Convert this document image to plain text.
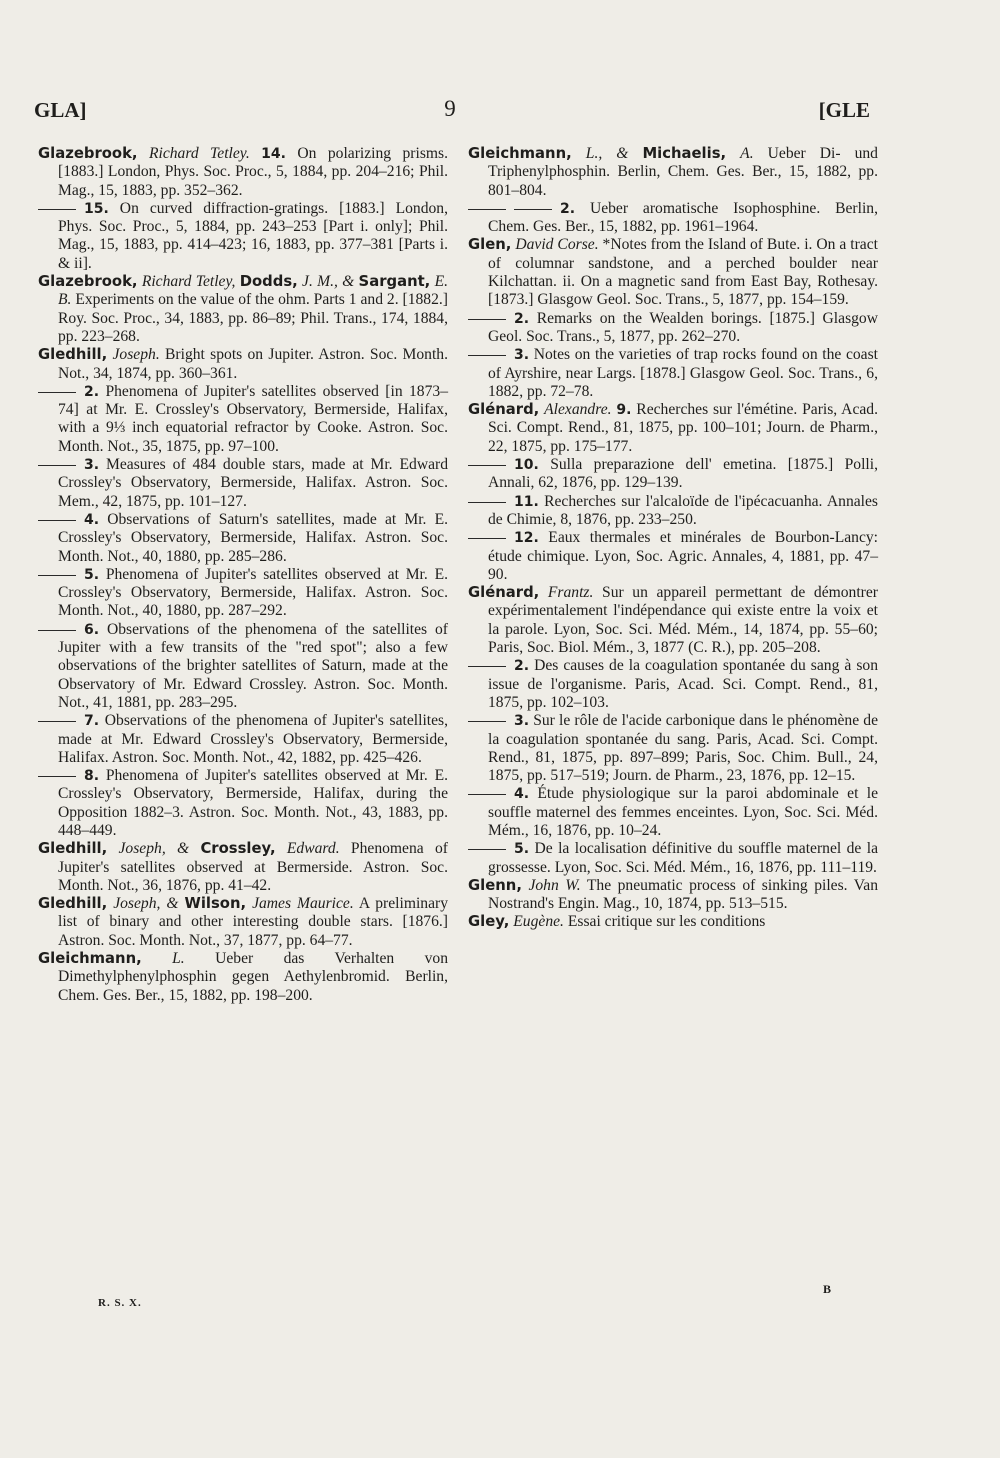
GLA]	9	[GLE
Glazebrook, Richard Tetley. 14. On polarizing prisms. [1883.] London, Phys. Soc. Proc., 5, 1884, pp. 204–216; Phil. Mag., 15, 1883, pp. 352–362.
15. On curved diffraction-gratings. [1883.] London, Phys. Soc. Proc., 5, 1884, pp. 243–253 [Part i. only]; Phil. Mag., 15, 1883, pp. 414–423; 16, 1883, pp. 377–381 [Parts i. & ii].
Glazebrook, Richard Tetley, Dodds, J. M., & Sargant, E. B. Experiments on the value of the ohm. Parts 1 and 2. [1882.] Roy. Soc. Proc., 34, 1883, pp. 86–89; Phil. Trans., 174, 1884, pp. 223–268.
Gledhill, Joseph. Bright spots on Jupiter. Astron. Soc. Month. Not., 34, 1874, pp. 360–361.
2. Phenomena of Jupiter's satellites observed [in 1873–74] at Mr. E. Crossley's Observatory, Bermerside, Halifax, with a 9⅓ inch equatorial refractor by Cooke. Astron. Soc. Month. Not., 35, 1875, pp. 97–100.
3. Measures of 484 double stars, made at Mr. Edward Crossley's Observatory, Bermerside, Halifax. Astron. Soc. Mem., 42, 1875, pp. 101–127.
4. Observations of Saturn's satellites, made at Mr. E. Crossley's Observatory, Bermerside, Halifax. Astron. Soc. Month. Not., 40, 1880, pp. 285–286.
5. Phenomena of Jupiter's satellites observed at Mr. E. Crossley's Observatory, Bermerside, Halifax. Astron. Soc. Month. Not., 40, 1880, pp. 287–292.
6. Observations of the phenomena of the satellites of Jupiter with a few transits of the "red spot"; also a few observations of the brighter satellites of Saturn, made at the Observatory of Mr. Edward Crossley. Astron. Soc. Month. Not., 41, 1881, pp. 283–295.
7. Observations of the phenomena of Jupiter's satellites, made at Mr. Edward Crossley's Observatory, Bermerside, Halifax. Astron. Soc. Month. Not., 42, 1882, pp. 425–426.
8. Phenomena of Jupiter's satellites observed at Mr. E. Crossley's Observatory, Bermerside, Halifax, during the Opposition 1882–3. Astron. Soc. Month. Not., 43, 1883, pp. 448–449.
Gledhill, Joseph, & Crossley, Edward. Phenomena of Jupiter's satellites observed at Bermerside. Astron. Soc. Month. Not., 36, 1876, pp. 41–42.
Gledhill, Joseph, & Wilson, James Maurice. A preliminary list of binary and other interesting double stars. [1876.] Astron. Soc. Month. Not., 37, 1877, pp. 64–77.
Gleichmann, L. Ueber das Verhalten von Dimethylphenylphosphin gegen Aethylenbromid. Berlin, Chem. Ges. Ber., 15, 1882, pp. 198–200.
Gleichmann, L., & Michaelis, A. Ueber Di- und Triphenylphosphin. Berlin, Chem. Ges. Ber., 15, 1882, pp. 801–804.
2. Ueber aromatische Isophosphine. Berlin, Chem. Ges. Ber., 15, 1882, pp. 1961–1964.
Glen, David Corse. *Notes from the Island of Bute. i. On a tract of columnar sandstone, and a perched boulder near Kilchattan. ii. On a magnetic sand from East Bay, Rothesay. [1873.] Glasgow Geol. Soc. Trans., 5, 1877, pp. 154–159.
2. Remarks on the Wealden borings. [1875.] Glasgow Geol. Soc. Trans., 5, 1877, pp. 262–270.
3. Notes on the varieties of trap rocks found on the coast of Ayrshire, near Largs. [1878.] Glasgow Geol. Soc. Trans., 6, 1882, pp. 72–78.
Glénard, Alexandre. 9. Recherches sur l'émétine. Paris, Acad. Sci. Compt. Rend., 81, 1875, pp. 100–101; Journ. de Pharm., 22, 1875, pp. 175–177.
10. Sulla preparazione dell' emetina. [1875.] Polli, Annali, 62, 1876, pp. 129–139.
11. Recherches sur l'alcaloïde de l'ipécacuanha. Annales de Chimie, 8, 1876, pp. 233–250.
12. Eaux thermales et minérales de Bourbon-Lancy: étude chimique. Lyon, Soc. Agric. Annales, 4, 1881, pp. 47–90.
Glénard, Frantz. Sur un appareil permettant de démontrer expérimentalement l'indépendance qui existe entre la voix et la parole. Lyon, Soc. Sci. Méd. Mém., 14, 1874, pp. 55–60; Paris, Soc. Biol. Mém., 3, 1877 (C. R.), pp. 205–208.
2. Des causes de la coagulation spontanée du sang à son issue de l'organisme. Paris, Acad. Sci. Compt. Rend., 81, 1875, pp. 102–103.
3. Sur le rôle de l'acide carbonique dans le phénomène de la coagulation spontanée du sang. Paris, Acad. Sci. Compt. Rend., 81, 1875, pp. 897–899; Paris, Soc. Chim. Bull., 24, 1875, pp. 517–519; Journ. de Pharm., 23, 1876, pp. 12–15.
4. Étude physiologique sur la paroi abdominale et le souffle maternel des femmes enceintes. Lyon, Soc. Sci. Méd. Mém., 16, 1876, pp. 10–24.
5. De la localisation définitive du souffle maternel de la grossesse. Lyon, Soc. Sci. Méd. Mém., 16, 1876, pp. 111–119.
Glenn, John W. The pneumatic process of sinking piles. Van Nostrand's Engin. Mag., 10, 1874, pp. 513–515.
Gley, Eugène. Essai critique sur les conditions
R. S. X.
B
